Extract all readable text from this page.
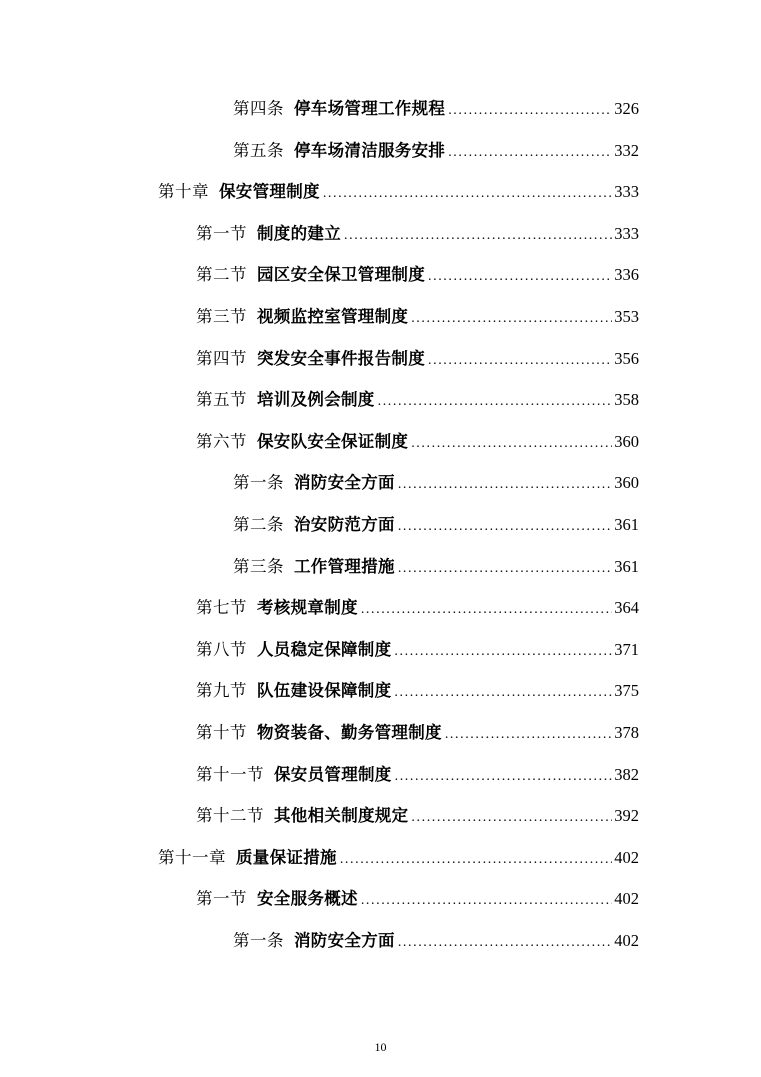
第四条 停车场管理工作规程 .....	326
第五条 停车场清洁服务安排 .....	332
第十章 保安管理制度 .....	333
第一节 制度的建立 .....	333
第二节 园区安全保卫管理制度 .....	336
第三节 视频监控室管理制度 .....	353
第四节 突发安全事件报告制度 .....	356
第五节 培训及例会制度 .....	358
第六节 保安队安全保证制度 .....	360
第一条 消防安全方面 .....	360
第二条 治安防范方面 .....	361
第三条 工作管理措施 .....	361
第七节 考核规章制度 .....	364
第八节 人员稳定保障制度 .....	371
第九节 队伍建设保障制度 .....	375
第十节 物资装备、勤务管理制度 .....	378
第十一节 保安员管理制度 .....	382
第十二节 其他相关制度规定 .....	392
第十一章 质量保证措施 .....	402
第一节 安全服务概述 .....	402
第一条 消防安全方面 .....	402
10
